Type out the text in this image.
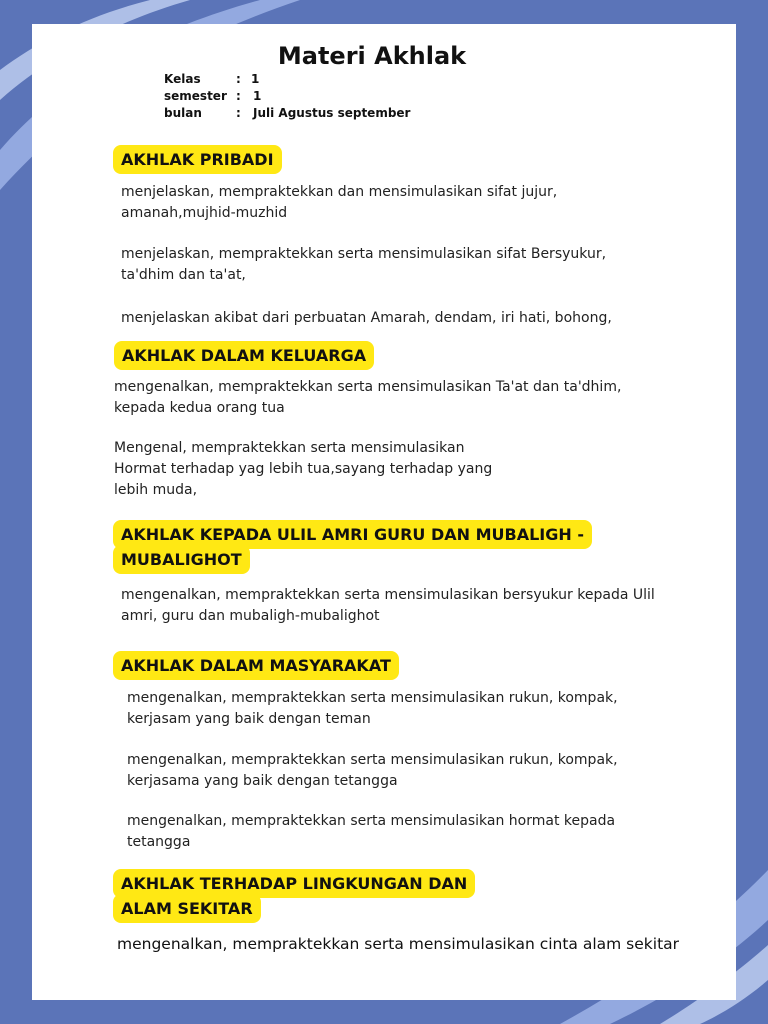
Materi Akhlak
Kelas	: 1
semester : 1
bulan	: Juli Agustus september
AKHLAK PRIBADI
menjelaskan, mempraktekkan dan mensimulasikan sifat jujur,
amanah,mujhid-muzhid
menjelaskan, mempraktekkan serta mensimulasikan sifat Bersyukur,
ta'dhim dan ta'at,
menjelaskan akibat dari perbuatan Amarah, dendam, iri hati, bohong,
AKHLAK DALAM KELUARGA
mengenalkan, mempraktekkan serta mensimulasikan Ta'at dan ta'dhim,
kepada kedua orang tua
Mengenal, mempraktekkan serta mensimulasikan
Hormat terhadap yag lebih tua,sayang terhadap yang
lebih muda,
AKHLAK KEPADA ULIL AMRI GURU DAN MUBALIGH -
MUBALIGHOT
mengenalkan, mempraktekkan serta mensimulasikan bersyukur kepada Ulil
amri, guru dan mubaligh-mubalighot
AKHLAK DALAM MASYARAKAT
mengenalkan, mempraktekkan serta mensimulasikan rukun, kompak,
kerjasam yang baik dengan teman
mengenalkan, mempraktekkan serta mensimulasikan rukun, kompak,
kerjasama yang baik dengan tetangga
mengenalkan, mempraktekkan serta mensimulasikan hormat kepada
tetangga
AKHLAK TERHADAP LINGKUNGAN DAN
ALAM SEKITAR
mengenalkan, mempraktekkan serta mensimulasikan cinta alam sekitar
